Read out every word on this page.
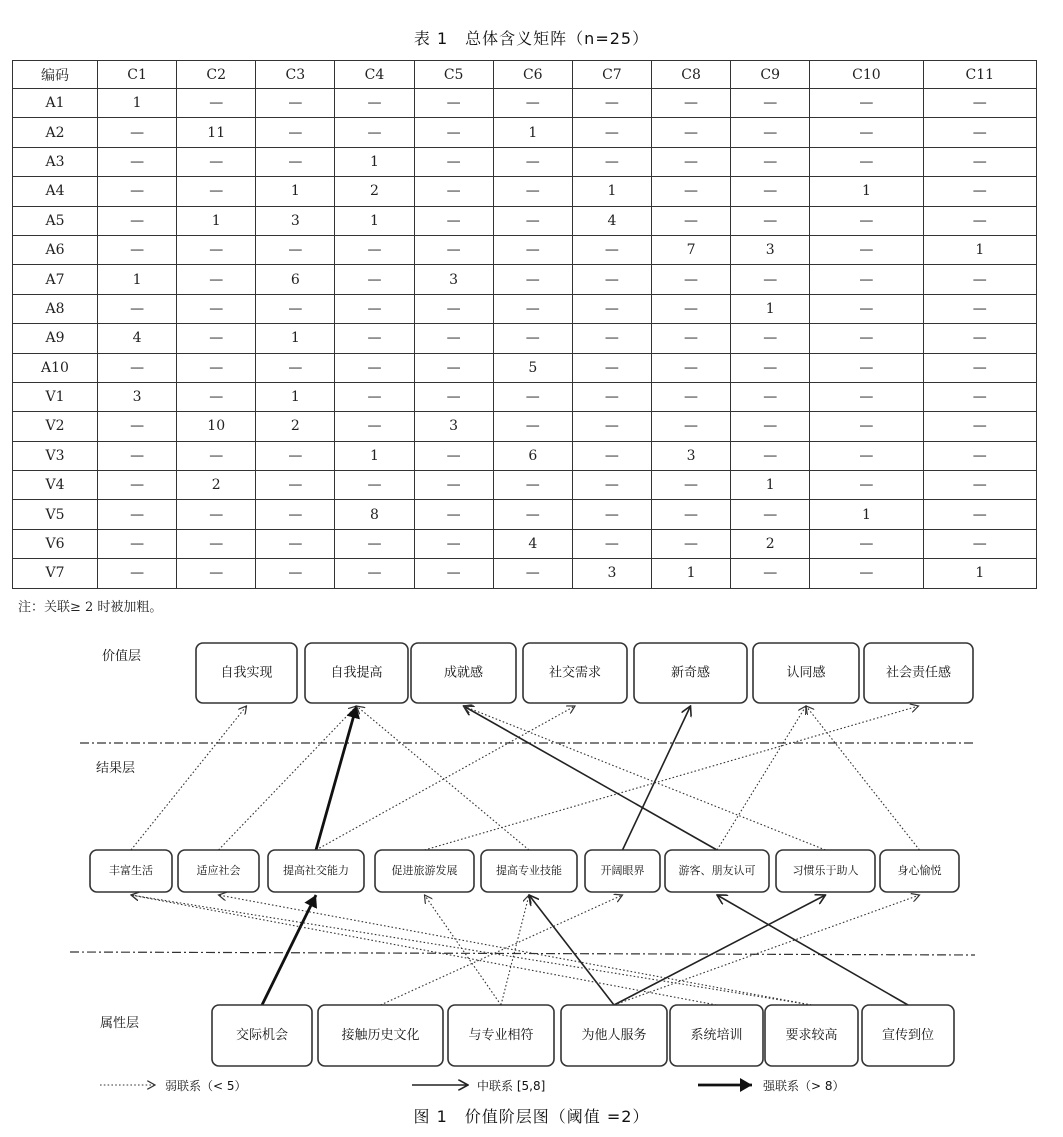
表 1　总体含义矩阵（n=25）
编码	C1	C2	C3	C4	C5	C6	C7	C8	C9	C10	C11
A1	1	—	—	—	—	—	—	—	—	—	—
A2	—	11	—	—	—	1	—	—	—	—	—
A3	—	—	—	1	—	—	—	—	—	—	—
A4	—	—	1	2	—	—	1	—	—	1	—
A5	—	1	3	1	—	—	4	—	—	—	—
A6	—	—	—	—	—	—	—	7	3	—	1
A7	1	—	6	—	3	—	—	—	—	—	—
A8	—	—	—	—	—	—	—	—	1	—	—
A9	4	—	1	—	—	—	—	—	—	—	—
A10	—	—	—	—	—	5	—	—	—	—	—
V1	3	—	1	—	—	—	—	—	—	—	—
V2	—	10	2	—	3	—	—	—	—	—	—
V3	—	—	—	1	—	6	—	3	—	—	—
V4	—	2	—	—	—	—	—	—	1	—	—
V5	—	—	—	8	—	—	—	—	—	1	—
V6	—	—	—	—	—	4	—	—	2	—	—
V7	—	—	—	—	—	—	3	1	—	—	1
注：关联≥ 2 时被加粗。
价值层
结果层
属性层
自我实现	自我提高	成就感	社交需求	新奇感	认同感	社会责任感
丰富生活	适应社会	提高社交能力	促进旅游发展	提高专业技能	开阔眼界	游客、朋友认可	习惯乐于助人	身心愉悦
交际机会	接触历史文化	与专业相符	为他人服务	系统培训	要求较高	宣传到位
弱联系（< 5）	中联系 [5,8]	强联系（> 8）
图 1　价值阶层图（阈值 =2）
